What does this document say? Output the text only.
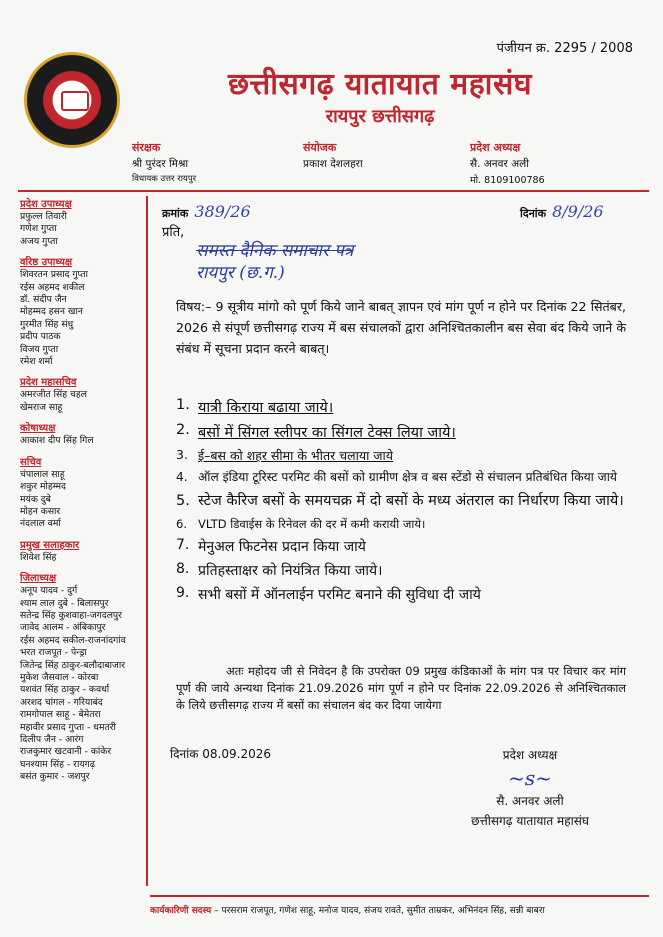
पंजीयन क्र. 2295 / 2008
छत्तीसगढ़ यातायात महासंघ
रायपुर छत्तीसगढ़
संरक्षक
श्री पुरंदर मिश्रा
विधायक उत्तर रायपुर
संयोजक
प्रकाश देशलहरा
प्रदेश अध्यक्ष
सै. अनवर अली
मो. 8109100786
प्रदेश उपाध्यक्ष
प्रफुल्ल तिवारी
गणेश गुप्ता
अजय गुप्ता
वरिष्ठ उपाध्यक्ष
शिवरतन प्रसाद गुप्ता
रईस अहमद शकील
डॉ. संदीप जैन
मोहम्मद हसन खान
गुरमीत सिंह संधु
प्रदीप पाठक
विजय गुप्ता
रमेश शर्मा
प्रदेश महासचिव
अमरजीत सिंह चहल
खेमराज साहू
कोषाध्यक्ष
आकाश दीप सिंह गिल
सचिव
चंपालाल साहू
शकुर मोहम्मद
मयंक दुबे
मोहन कसार
नंदलाल वर्मा
प्रमुख सलाहकार
शिवेश सिंह
जिलाध्यक्ष
अनूप यादव - दुर्ग
श्याम लाल दुबे - बिलासपुर
सतेन्द्र सिंह कुशवाहा-जगदलपुर
जावेद आलम - अंबिकापुर
रईस अहमद सकील-राजनांदगांव
भरत राजपूत - पेन्ड्रा
जितेन्द्र सिंह ठाकुर-बलौदाबाजार
मुकेश जैसवाल - कोरबा
यशवंत सिंह ठाकुर - कवर्धा
अरशद चांगल - गरियाबंद
रामगोपाल साहू - बेमेतरा
महावीर प्रसाद गुप्ता - धमतरी
दिलीप जैन - आरंग
राजकुमार खटवानी - कांकेर
घनश्याम सिंह - रायगढ़
बसंत कुमार - जशपुर
क्रमांक 389/26	दिनांक 8/9/26
प्रति,
समस्त दैनिक समाचार पत्र
रायपुर (छ.ग.)
विषय:– 9 सूत्रीय मांगो को पूर्ण किये जाने बाबत् ज्ञापन एवं मांग पूर्ण न होने पर दिनांक 22 सितंबर, 2026 से संपूर्ण छत्तीसगढ़ राज्य में बस संचालकों द्वारा अनिश्चितकालीन बस सेवा बंद किये जाने के संबंध में सूचना प्रदान करने बाबत्।
1. यात्री किराया बढाया जाये।
2. बसों में सिंगल स्लीपर का सिंगल टेक्स लिया जाये।
3. ई–बस को शहर सीमा के भीतर चलाया जाये
4. ऑल इंडिया टूरिस्ट परमिट की बसों को ग्रामीण क्षेत्र व बस स्टेंडो से संचालन प्रतिबंधित किया जाये
5. स्टेज कैरिज बसों के समयचक्र में दो बसों के मध्य अंतराल का निर्धारण किया जाये।
6. VLTD डिवाईस के रिनेवल की दर में कमी करायी जाये।
7. मेनुअल फिटनेस प्रदान किया जाये
8. प्रतिहस्ताक्षर को नियंत्रित किया जाये।
9. सभी बसों में ऑनलाईन परमिट बनाने की सुविधा दी जाये
अतः महोदय जी से निवेदन है कि उपरोक्त 09 प्रमुख कंडिकाओं के मांग पत्र पर विचार कर मांग पूर्ण की जाये अन्यथा दिनांक 21.09.2026 मांग पूर्ण न होने पर दिनांक 22.09.2026 से अनिश्चितकाल के लिये छत्तीसगढ़ राज्य में बसों का संचालन बंद कर दिया जायेगा
दिनांक 08.09.2026	प्रदेश अध्यक्ष
~ꜱ~
सै. अनवर अली
छत्तीसगढ़ यातायात महासंघ
कार्यकारिणी सदस्य – परसराम राजपूत, गणेश साहू, मनोज यादव, संजय रावते, सुमीत ताम्रकर, अभिनंदन सिंह, सन्नी बाबरा
